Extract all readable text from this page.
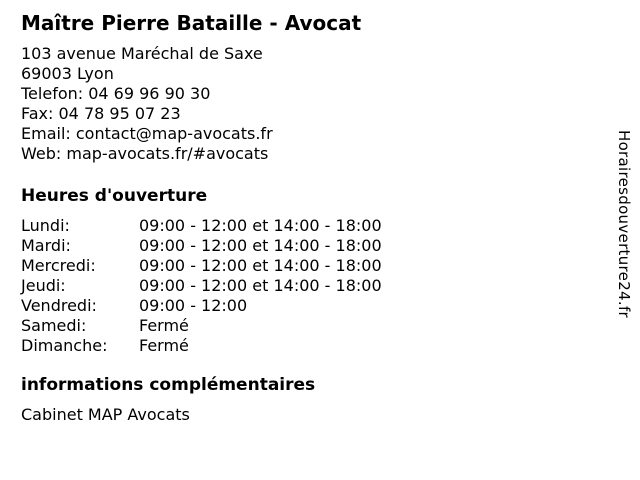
Maître Pierre Bataille - Avocat
103 avenue Maréchal de Saxe
69003 Lyon
Telefon: 04 69 96 90 30
Fax: 04 78 95 07 23
Email: contact@map-avocats.fr
Web: map-avocats.fr/#avocats
Heures d'ouverture
Lundi:	09:00 - 12:00 et 14:00 - 18:00
Mardi:	09:00 - 12:00 et 14:00 - 18:00
Mercredi:	09:00 - 12:00 et 14:00 - 18:00
Jeudi:	09:00 - 12:00 et 14:00 - 18:00
Vendredi:	09:00 - 12:00
Samedi:	Fermé
Dimanche:	Fermé
informations complémentaires
Cabinet MAP Avocats
Horairesdouverture24.fr
